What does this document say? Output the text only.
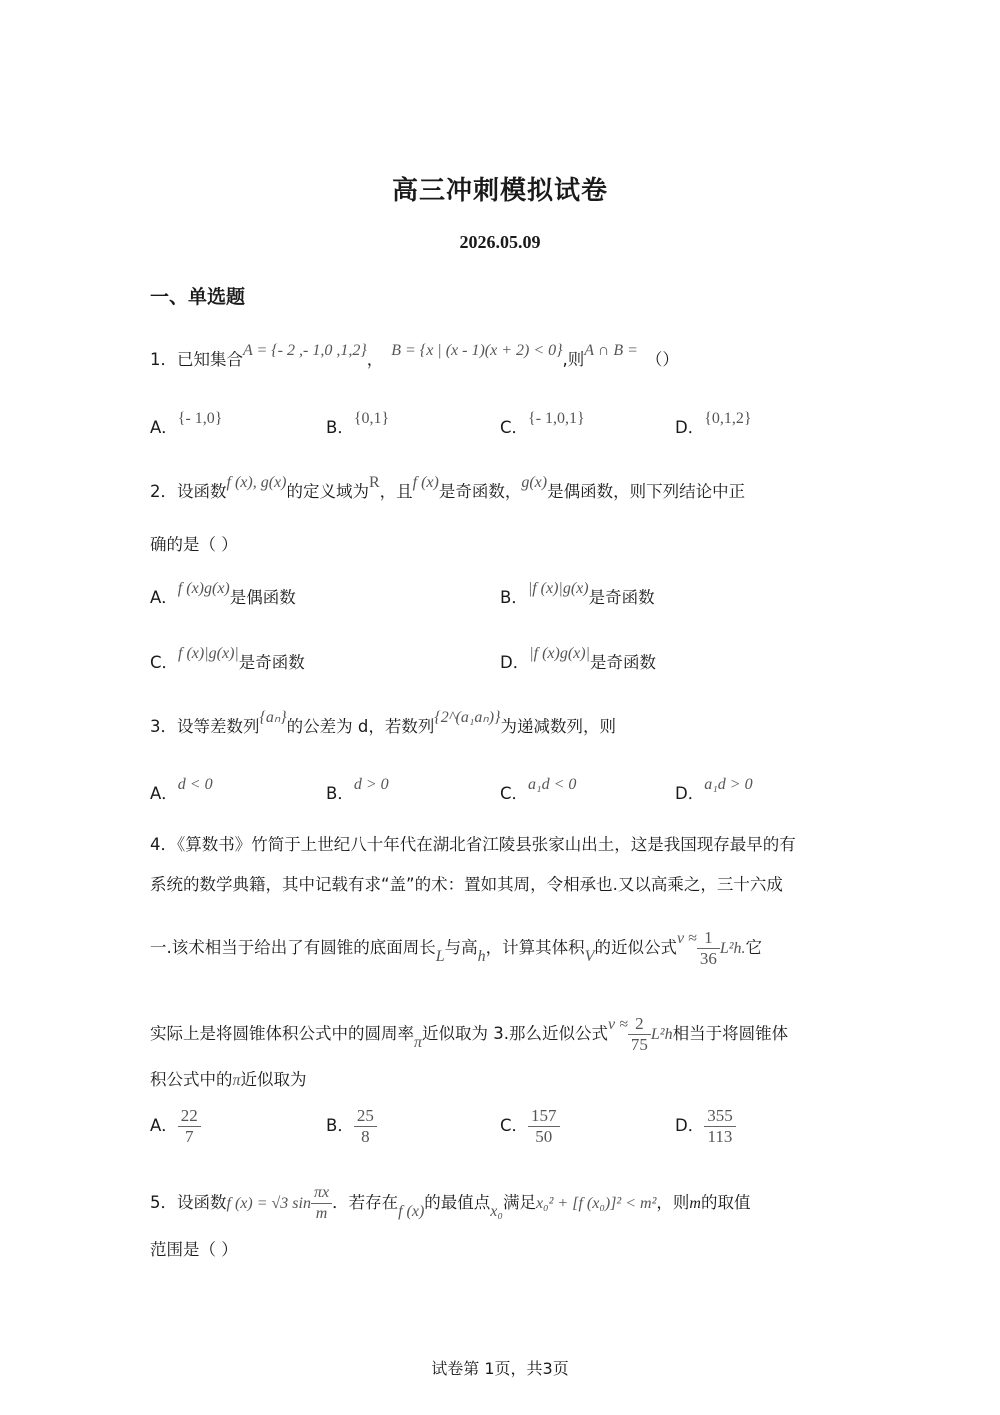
高三冲刺模拟试卷
2026.05.09
一、单选题
1．已知集合A = {- 2 ,- 1,0 ,1,2}， B = {x | (x - 1)(x + 2) < 0},则A ∩ B = （）
A．{- 1,0}	B．{0,1}	C．{- 1,0,1}	D．{0,1,2}
2．设函数f (x), g(x)的定义域为R，且f (x)是奇函数，g(x)是偶函数，则下列结论中正
确的是（ ）
A．f (x)g(x)是偶函数	B．|f (x)|g(x)是奇函数
C．f (x)|g(x)|是奇函数	D．|f (x)g(x)|是奇函数
3．设等差数列{aₙ}的公差为 d，若数列{2^(a₁aₙ)}为递减数列，则
A．d < 0	B．d > 0	C．a₁d < 0	D．a₁d > 0
4．《算数书》竹简于上世纪八十年代在湖北省江陵县张家山出土，这是我国现存最早的有
系统的数学典籍，其中记载有求“盖”的术：置如其周，令相承也.又以高乘之，三十六成
一.该术相当于给出了有圆锥的底面周长L与高h，计算其体积V的近似公式$v \approx \frac{1}{36} L^2h$.它
实际上是将圆锥体积公式中的圆周率π近似取为 3.那么近似公式$v \approx \frac{2}{75} L^2h$相当于将圆锥体
积公式中的π近似取为
A． $\frac{22}{7}$	B． $\frac{25}{8}$	C． $\frac{157}{50}$	D． $\frac{355}{113}$
5．设函数f (x) = √3 $\sin \frac{\pi x}{m}$ ．若存在f (x)的最值点x₀满足x₀² + [f (x₀)]² < m²，则m的取值
范围是（ ）
试卷第 1页，共3页
